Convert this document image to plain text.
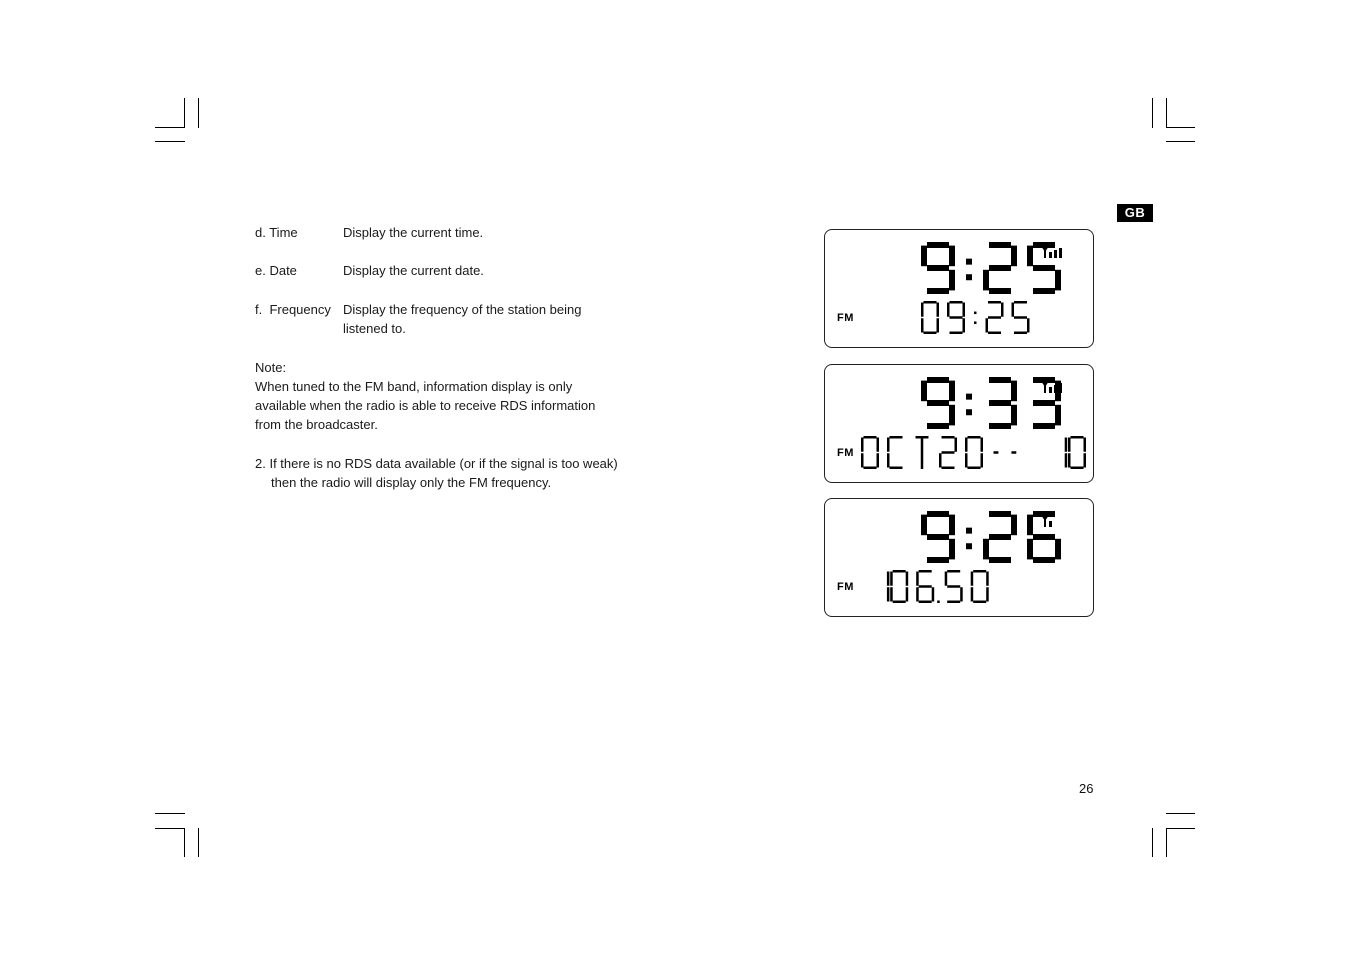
GB
d. Time	Display the current time.
e. Date	Display the current date.
f.  Frequency Display the frequency of the station being
listened to.
Note:
When tuned to the FM band, information display is only
available when the radio is able to receive RDS information
from the broadcaster.
2. If there is no RDS data available (or if the signal is too weak)
then the radio will display only the FM frequency.
FM
FM
FM
26
